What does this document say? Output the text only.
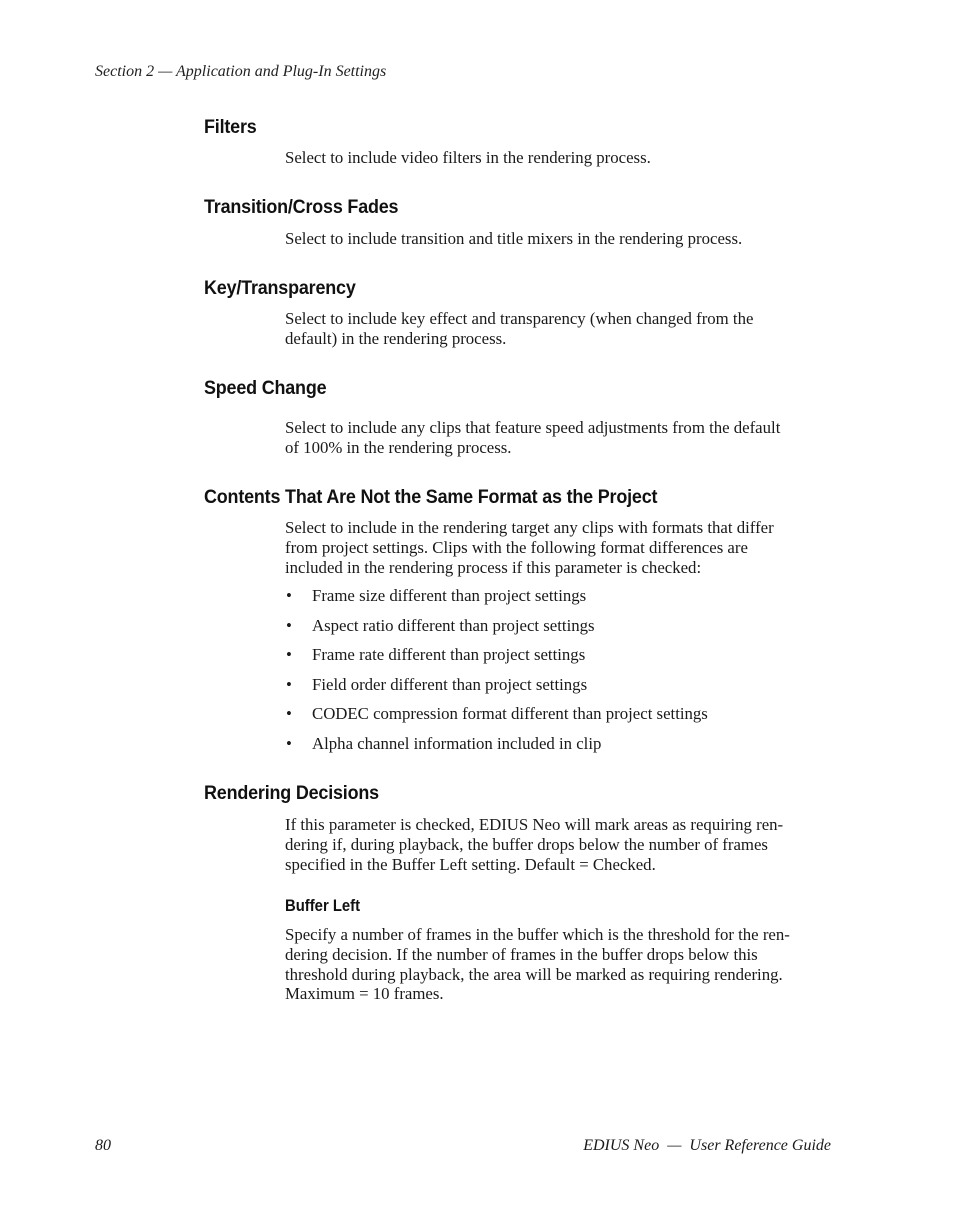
Section 2 — Application and Plug-In Settings
Filters

Select to include video filters in the rendering process.

Transition/Cross Fades

Select to include transition and title mixers in the rendering process.

Key/Transparency

Select to include key effect and transparency (when changed from the
default) in the rendering process.

Speed Change

Select to include any clips that feature speed adjustments from the default
of 100% in the rendering process.

Contents That Are Not the Same Format as the Project

Select to include in the rendering target any clips with formats that differ
from project settings. Clips with the following format differences are
included in the rendering process if this parameter is checked:

• Frame size different than project settings
• Aspect ratio different than project settings
• Frame rate different than project settings
• Field order different than project settings
• CODEC compression format different than project settings
• Alpha channel information included in clip
Rendering Decisions

If this parameter is checked, EDIUS Neo will mark areas as requiring ren-
dering if, during playback, the buffer drops below the number of frames
specified in the Buffer Left setting. Default = Checked.

Buffer Left

Specify a number of frames in the buffer which is the threshold for the ren-
dering decision. If the number of frames in the buffer drops below this
threshold during playback, the area will be marked as requiring rendering.
Maximum = 10 frames.

80	EDIUS Neo  —  User Reference Guide
